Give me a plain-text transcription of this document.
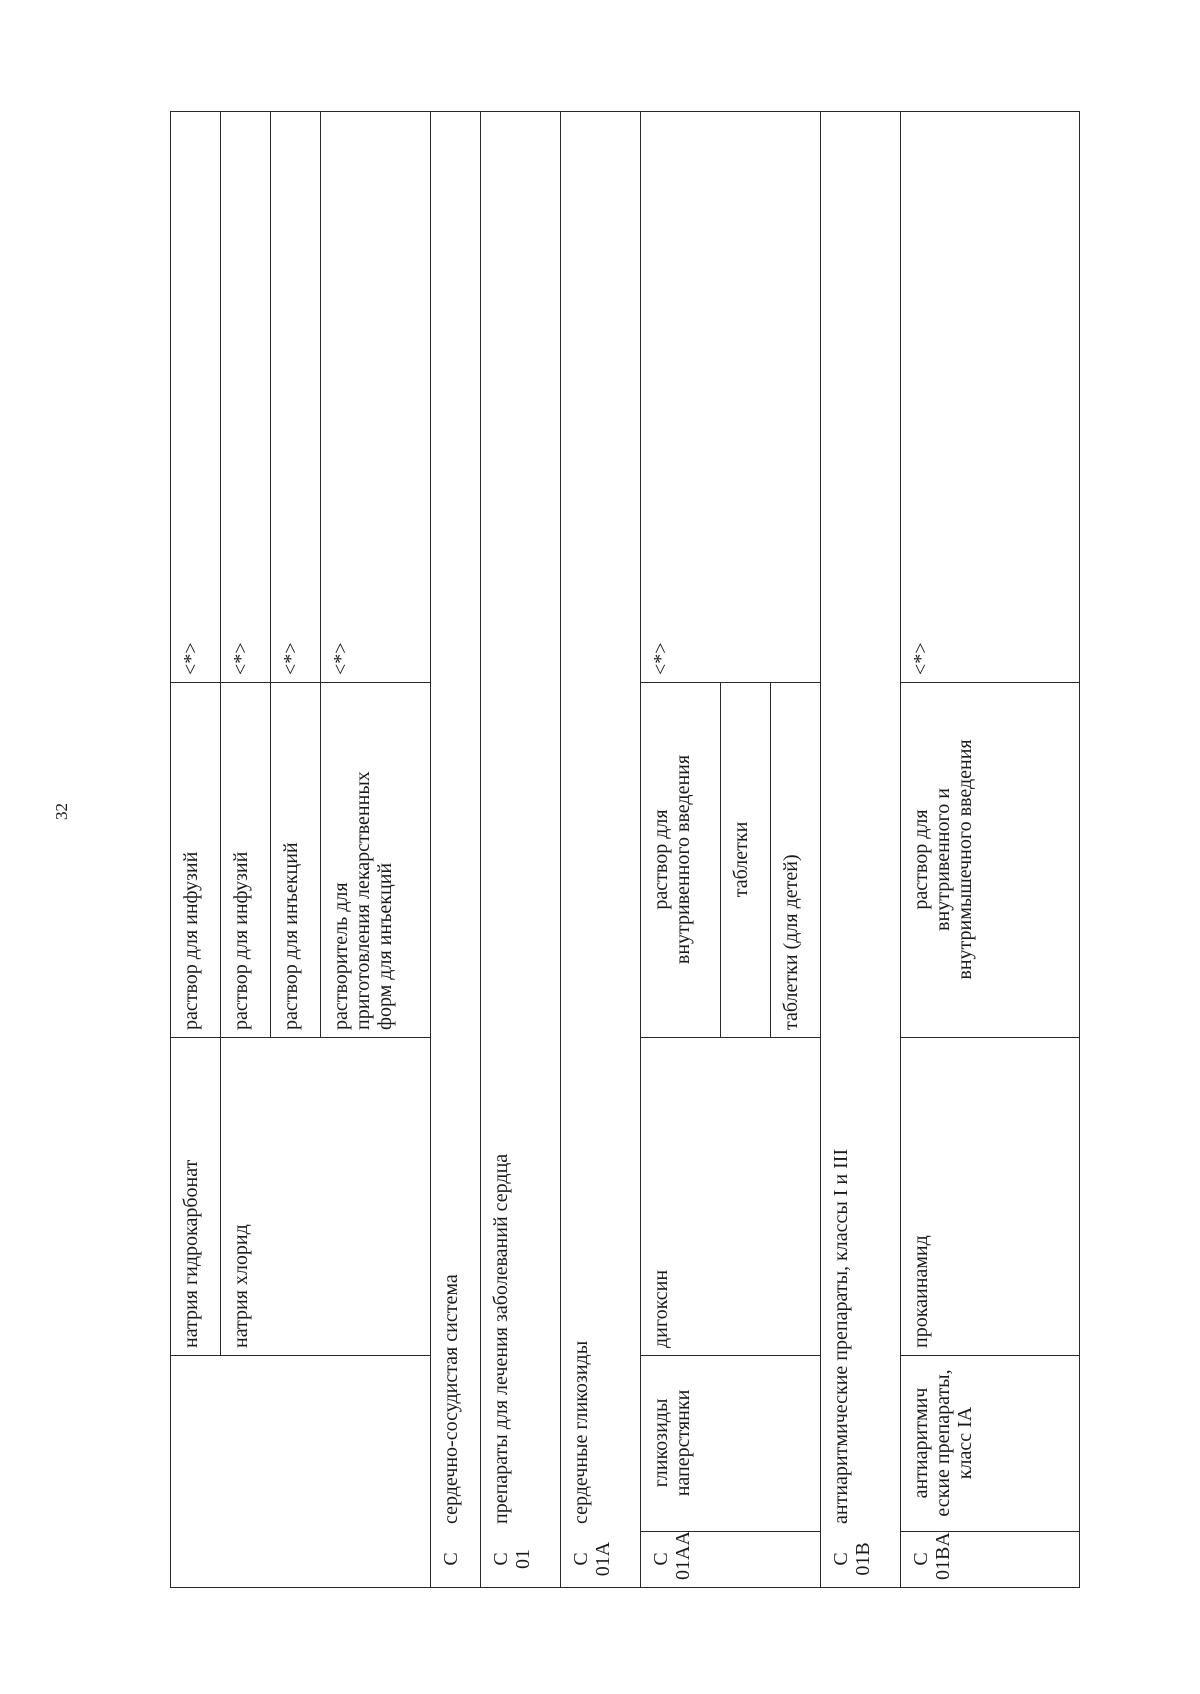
32
натрия гидрокарбонат
раствор для инфузий
<*>
натрия хлорид
раствор для инфузий
<*>
раствор для инъекций
<*>
растворитель для
приготовления лекарственных
форм для инъекций
<*>
C
сердечно-сосудистая система
C
01
препараты для лечения заболеваний сердца
C
01A
сердечные гликозиды
C
01AA
гликозиды
наперстянки
дигоксин
раствор для
внутривенного введения
<*>
таблетки	таблетки (для детей)
C
01B
антиаритмические препараты, классы I и III
C
01BA
антиаритмич
еские препараты,
класс IA
прокаинамид
раствор для
внутривенного и
внутримышечного введения
<*>
